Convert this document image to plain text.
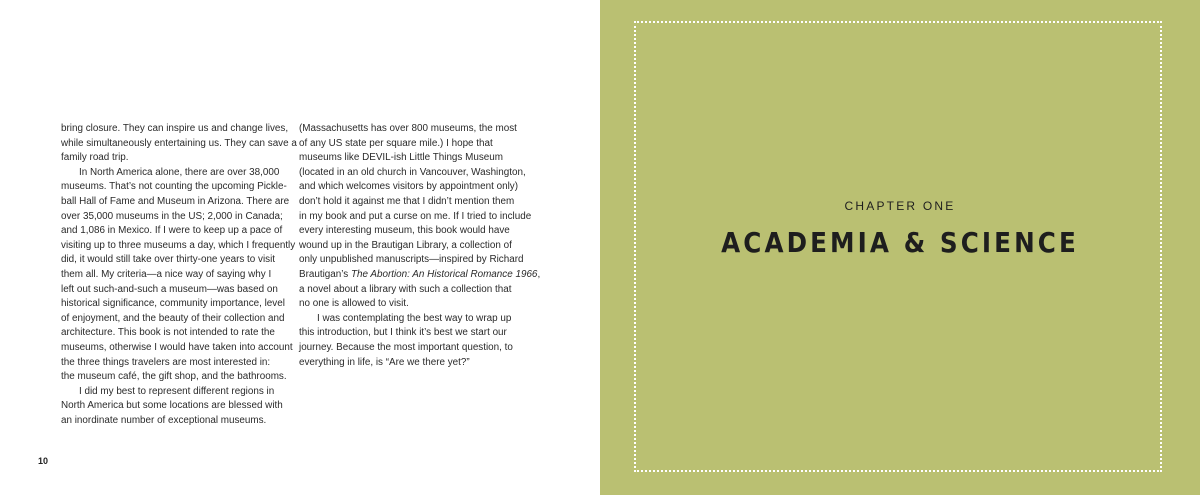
bring closure. They can inspire us and change lives,
while simultaneously entertaining us. They can save a
family road trip.
In North America alone, there are over 38,000
museums. That’s not counting the upcoming Pickle-
ball Hall of Fame and Museum in Arizona. There are
over 35,000 museums in the US; 2,000 in Canada;
and 1,086 in Mexico. If I were to keep up a pace of
visiting up to three museums a day, which I frequently
did, it would still take over thirty-one years to visit
them all. My criteria—a nice way of saying why I
left out such-and-such a museum—was based on
historical significance, community importance, level
of enjoyment, and the beauty of their collection and
architecture. This book is not intended to rate the
museums, otherwise I would have taken into account
the three things travelers are most interested in:
the museum café, the gift shop, and the bathrooms.
I did my best to represent different regions in
North America but some locations are blessed with
an inordinate number of exceptional museums.
(Massachusetts has over 800 museums, the most
of any US state per square mile.) I hope that
museums like DEVIL-ish Little Things Museum
(located in an old church in Vancouver, Washington,
and which welcomes visitors by appointment only)
don’t hold it against me that I didn’t mention them
in my book and put a curse on me. If I tried to include
every interesting museum, this book would have
wound up in the Brautigan Library, a collection of
only unpublished manuscripts—inspired by Richard
Brautigan’s The Abortion: An Historical Romance 1966,
a novel about a library with such a collection that
no one is allowed to visit.
I was contemplating the best way to wrap up
this introduction, but I think it’s best we start our
journey. Because the most important question, to
everything in life, is “Are we there yet?”
10
CHAPTER ONE
ACADEMIA & SCIENCE
